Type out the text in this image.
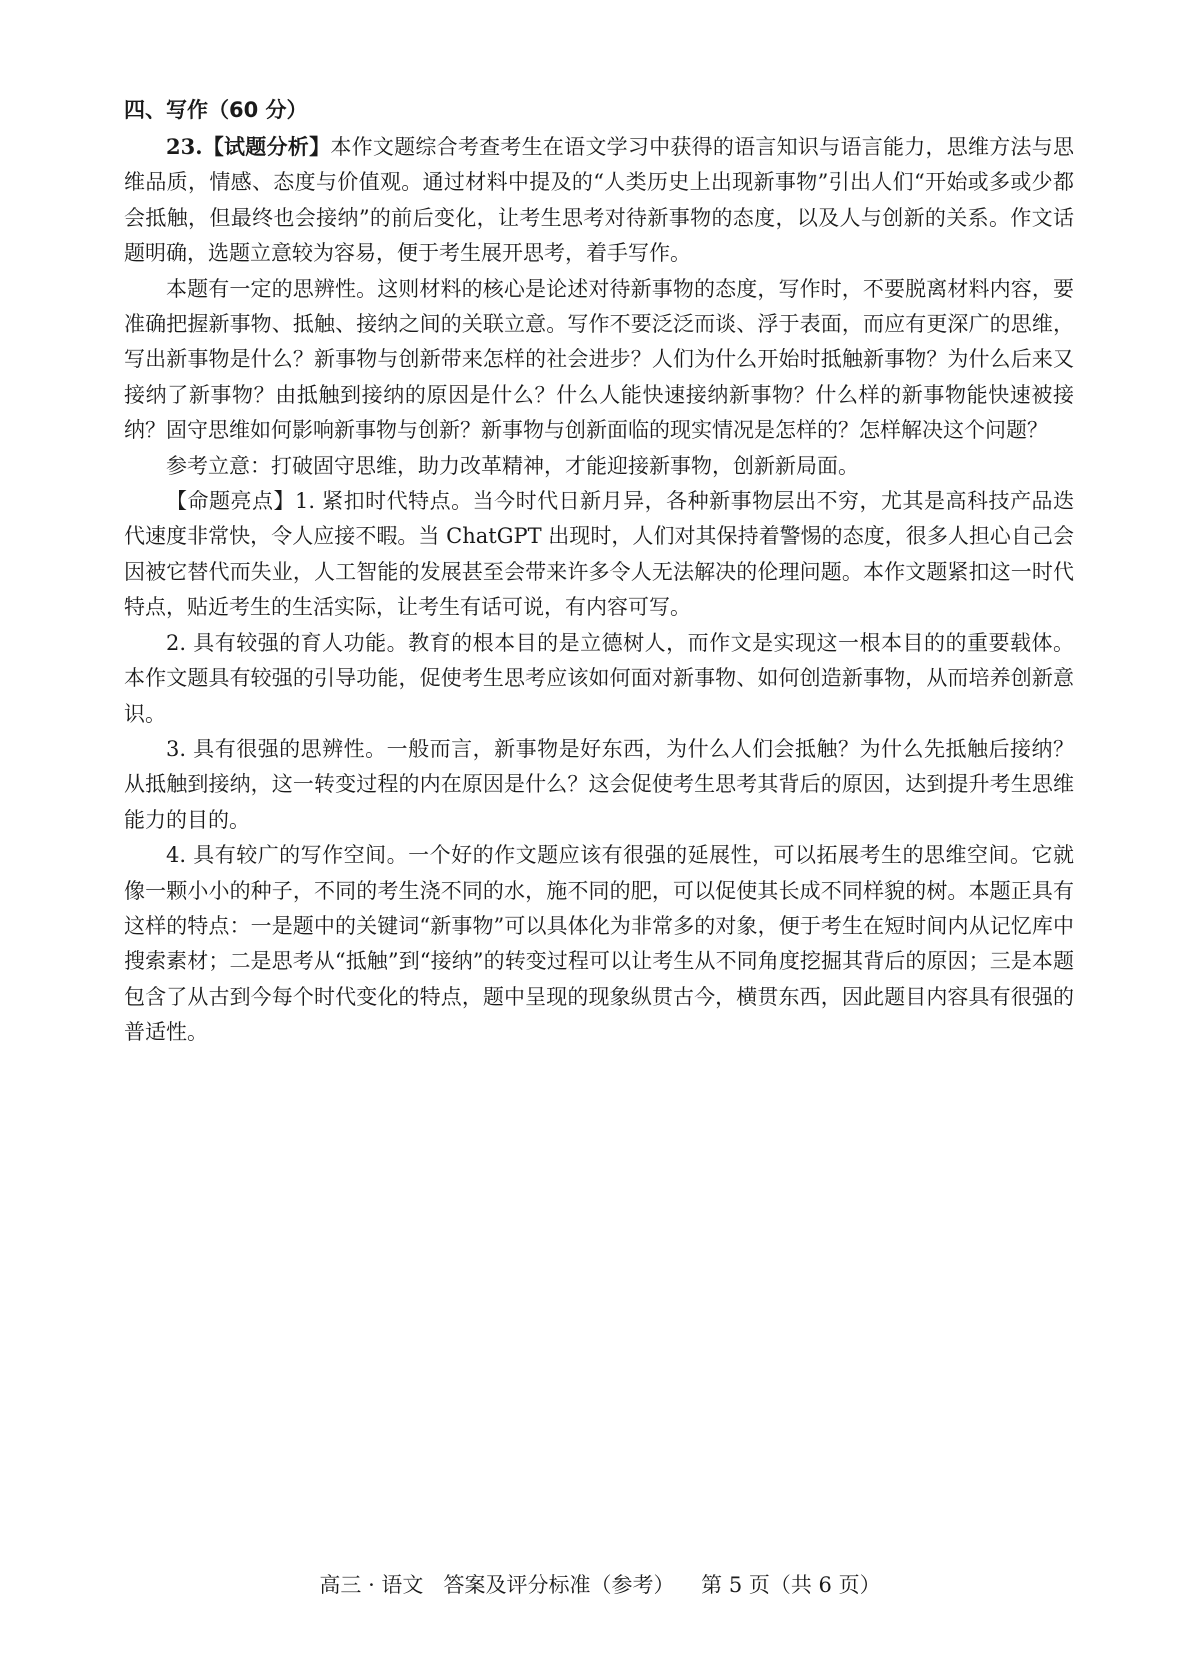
四、写作（60 分）

23.【试题分析】本作文题综合考查考生在语文学习中获得的语言知识与语言能力，思维方法与思维品质，情感、态度与价值观。通过材料中提及的“人类历史上出现新事物”引出人们“开始或多或少都会抵触，但最终也会接纳”的前后变化，让考生思考对待新事物的态度，以及人与创新的关系。作文话题明确，选题立意较为容易，便于考生展开思考，着手写作。

本题有一定的思辨性。这则材料的核心是论述对待新事物的态度，写作时，不要脱离材料内容，要准确把握新事物、抵触、接纳之间的关联立意。写作不要泛泛而谈、浮于表面，而应有更深广的思维，写出新事物是什么？新事物与创新带来怎样的社会进步？人们为什么开始时抵触新事物？为什么后来又接纳了新事物？由抵触到接纳的原因是什么？什么人能快速接纳新事物？什么样的新事物能快速被接纳？固守思维如何影响新事物与创新？新事物与创新面临的现实情况是怎样的？怎样解决这个问题？

参考立意：打破固守思维，助力改革精神，才能迎接新事物，创新新局面。

【命题亮点】1. 紧扣时代特点。当今时代日新月异，各种新事物层出不穷，尤其是高科技产品迭代速度非常快，令人应接不暇。当 ChatGPT 出现时，人们对其保持着警惕的态度，很多人担心自己会因被它替代而失业，人工智能的发展甚至会带来许多令人无法解决的伦理问题。本作文题紧扣这一时代特点，贴近考生的生活实际，让考生有话可说，有内容可写。

2. 具有较强的育人功能。教育的根本目的是立德树人，而作文是实现这一根本目的的重要载体。本作文题具有较强的引导功能，促使考生思考应该如何面对新事物、如何创造新事物，从而培养创新意识。

3. 具有很强的思辨性。一般而言，新事物是好东西，为什么人们会抵触？为什么先抵触后接纳？从抵触到接纳，这一转变过程的内在原因是什么？这会促使考生思考其背后的原因，达到提升考生思维能力的目的。

4. 具有较广的写作空间。一个好的作文题应该有很强的延展性，可以拓展考生的思维空间。它就像一颗小小的种子，不同的考生浇不同的水，施不同的肥，可以促使其长成不同样貌的树。本题正具有这样的特点：一是题中的关键词“新事物”可以具体化为非常多的对象，便于考生在短时间内从记忆库中搜索素材；二是思考从“抵触”到“接纳”的转变过程可以让考生从不同角度挖掘其背后的原因；三是本题包含了从古到今每个时代变化的特点，题中呈现的现象纵贯古今，横贯东西，因此题目内容具有很强的普适性。

高三 · 语文 答案及评分标准（参考） 第 5 页（共 6 页）
